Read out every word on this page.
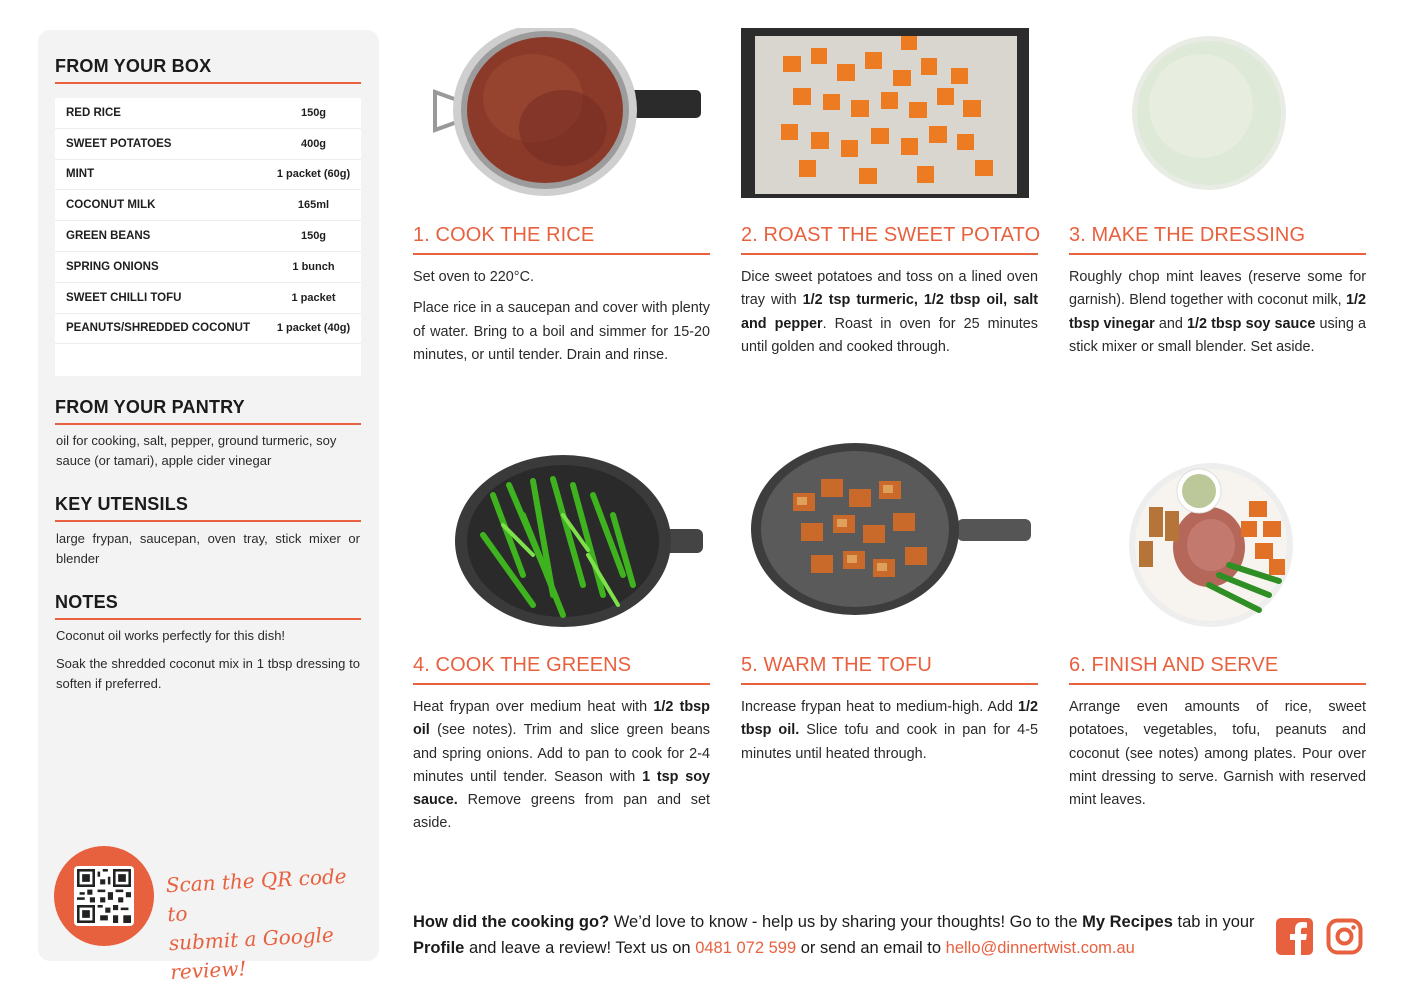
FROM YOUR BOX
RED RICE	150g
SWEET POTATOES	400g
MINT	1 packet (60g)
COCONUT MILK	165ml
GREEN BEANS	150g
SPRING ONIONS	1 bunch
SWEET CHILLI TOFU	1 packet
PEANUTS/SHREDDED COCONUT	1 packet (40g)
FROM YOUR PANTRY
oil for cooking, salt, pepper, ground turmeric, soy sauce (or tamari), apple cider vinegar
KEY UTENSILS
large frypan, saucepan, oven tray, stick mixer or blender
NOTES
Coconut oil works perfectly for this dish!
Soak the shredded coconut mix in 1 tbsp dressing to soften if preferred.
Scan the QR code to
submit a Google review!
1. COOK THE RICE

Set oven to 220°C.

Place rice in a saucepan and cover with plenty of water. Bring to a boil and simmer for 15-20 minutes, or until tender. Drain and rinse.

2. ROAST THE SWEET POTATO

Dice sweet potatoes and toss on a lined oven tray with 1/2 tsp turmeric, 1/2 tbsp oil, salt and pepper. Roast in oven for 25 minutes until golden and cooked through.

3. MAKE THE DRESSING

Roughly chop mint leaves (reserve some for garnish). Blend together with coconut milk, 1/2 tbsp vinegar and 1/2 tbsp soy sauce using a stick mixer or small blender. Set aside.

4. COOK THE GREENS

Heat frypan over medium heat with 1/2 tbsp oil (see notes). Trim and slice green beans and spring onions. Add to pan to cook for 2-4 minutes until tender. Season with 1 tsp soy sauce. Remove greens from pan and set aside.

5. WARM THE TOFU

Increase frypan heat to medium-high. Add 1/2 tbsp oil. Slice tofu and cook in pan for 4-5 minutes until heated through.

6. FINISH AND SERVE

Arrange even amounts of rice, sweet potatoes, vegetables, tofu, peanuts and coconut (see notes) among plates. Pour over mint dressing to serve. Garnish with reserved mint leaves.

How did the cooking go? We’d love to know - help us by sharing your thoughts! Go to the My Recipes tab in your Profile and leave a review! Text us on 0481 072 599 or send an email to hello@dinnertwist.com.au
